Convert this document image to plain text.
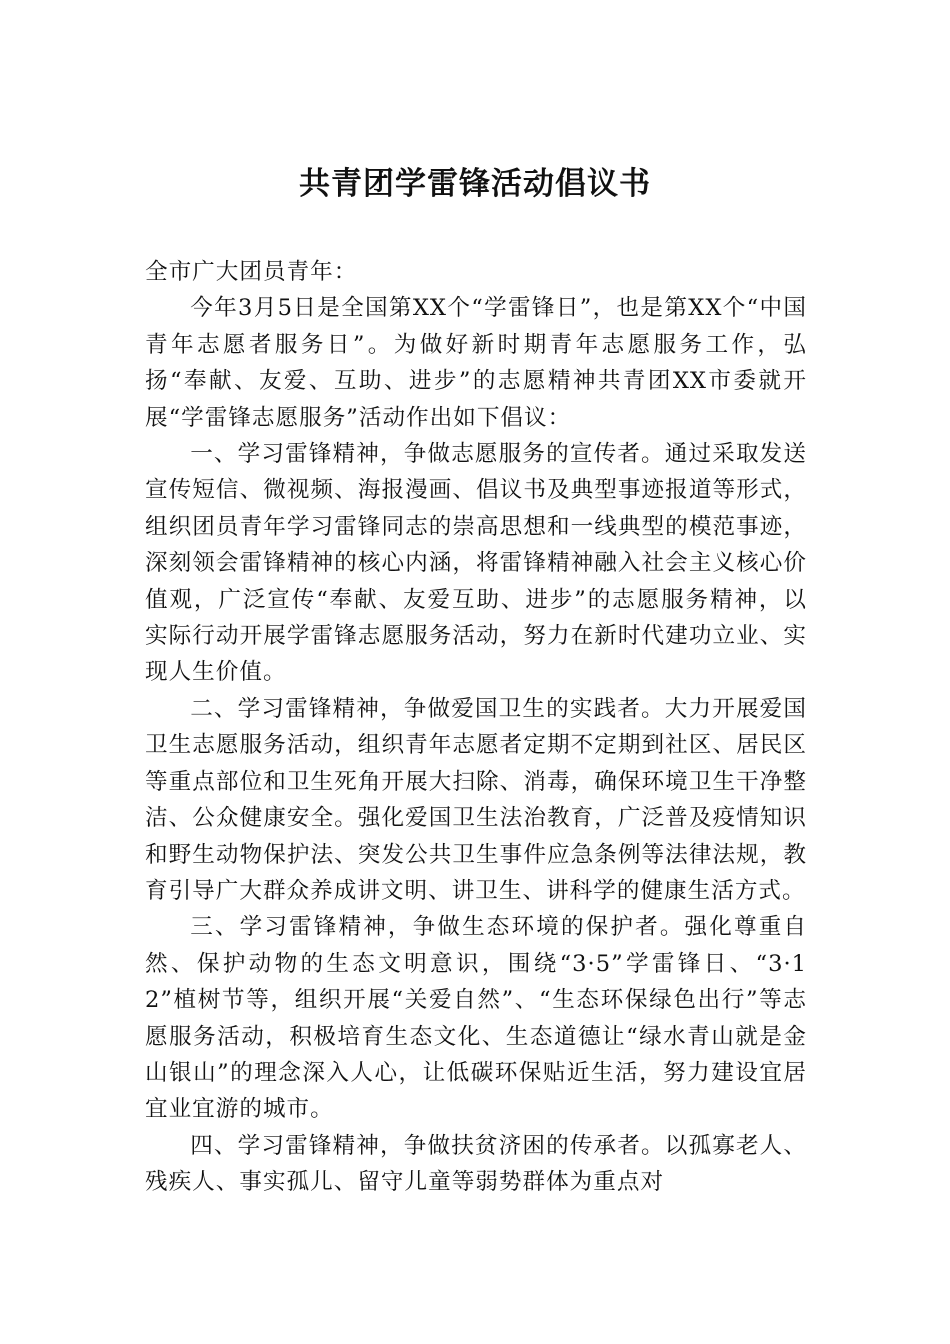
共青团学雷锋活动倡议书

全市广大团员青年：

今年3月5日是全国第XX个“学雷锋日”，也是第XX个“中国青年志愿者服务日”。为做好新时期青年志愿服务工作，弘扬“奉献、友爱、互助、进步”的志愿精神共青团XX市委就开展“学雷锋志愿服务”活动作出如下倡议：

一、学习雷锋精神，争做志愿服务的宣传者。通过采取发送宣传短信、微视频、海报漫画、倡议书及典型事迹报道等形式，组织团员青年学习雷锋同志的崇高思想和一线典型的模范事迹，深刻领会雷锋精神的核心内涵，将雷锋精神融入社会主义核心价值观，广泛宣传“奉献、友爱互助、进步”的志愿服务精神，以实际行动开展学雷锋志愿服务活动，努力在新时代建功立业、实现人生价值。

二、学习雷锋精神，争做爱国卫生的实践者。大力开展爱国卫生志愿服务活动，组织青年志愿者定期不定期到社区、居民区等重点部位和卫生死角开展大扫除、消毒，确保环境卫生干净整洁、公众健康安全。强化爱国卫生法治教育，广泛普及疫情知识和野生动物保护法、突发公共卫生事件应急条例等法律法规，教育引导广大群众养成讲文明、讲卫生、讲科学的健康生活方式。

三、学习雷锋精神，争做生态环境的保护者。强化尊重自然、保护动物的生态文明意识，围绕“3·5”学雷锋日、“3·12”植树节等，组织开展“关爱自然”、“生态环保绿色出行”等志愿服务活动，积极培育生态文化、生态道德让“绿水青山就是金山银山”的理念深入人心，让低碳环保贴近生活，努力建设宜居宜业宜游的城市。

四、学习雷锋精神，争做扶贫济困的传承者。以孤寡老人、残疾人、事实孤儿、留守儿童等弱势群体为重点对
